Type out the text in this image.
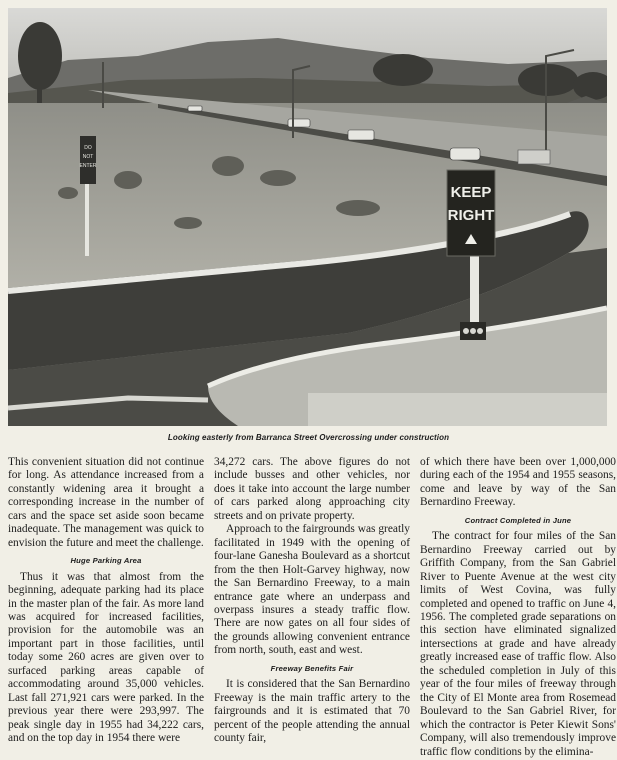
DO
NOT
ENTER
KEEP
RIGHT
Looking easterly from Barranca Street Overcrossing under construction

This convenient situation did not continue for long. As attendance increased from a constantly widening area it brought a corresponding increase in the number of cars and the space set aside soon became inadequate. The management was quick to envision the future and meet the challenge.

Huge Parking Area

Thus it was that almost from the beginning, adequate parking had its place in the master plan of the fair. As more land was acquired for increased facilities, provision for the automobile was an important part in those facilities, until today some 260 acres are given over to surfaced parking areas capable of accommodating around 35,000 vehicles. Last fall 271,921 cars were parked. In the previous year there were 293,997. The peak single day in 1955 had 34,222 cars, and on the top day in 1954 there were

34,272 cars. The above figures do not include busses and other vehicles, nor does it take into account the large number of cars parked along approaching city streets and on private property.

Approach to the fairgrounds was greatly facilitated in 1949 with the opening of four-lane Ganesha Boulevard as a shortcut from the then Holt-Garvey highway, now the San Bernardino Freeway, to a main entrance gate where an underpass and overpass insures a steady traffic flow. There are now gates on all four sides of the grounds allowing convenient entrance from north, south, east and west.

Freeway Benefits Fair

It is considered that the San Bernardino Freeway is the main traffic artery to the fairgrounds and it is estimated that 70 percent of the people attending the annual county fair,

of which there have been over 1,000,000 during each of the 1954 and 1955 seasons, come and leave by way of the San Bernardino Freeway.

Contract Completed in June

The contract for four miles of the San Bernardino Freeway carried out by Griffith Company, from the San Gabriel River to Puente Avenue at the west city limits of West Covina, was fully completed and opened to traffic on June 4, 1956. The completed grade separations on this section have eliminated signalized intersections at grade and have already greatly increased ease of traffic flow. Also the scheduled completion in July of this year of the four miles of freeway through the City of El Monte area from Rosemead Boulevard to the San Gabriel River, for which the contractor is Peter Kiewit Sons' Company, will also tremendously improve traffic flow conditions by the elimina-
